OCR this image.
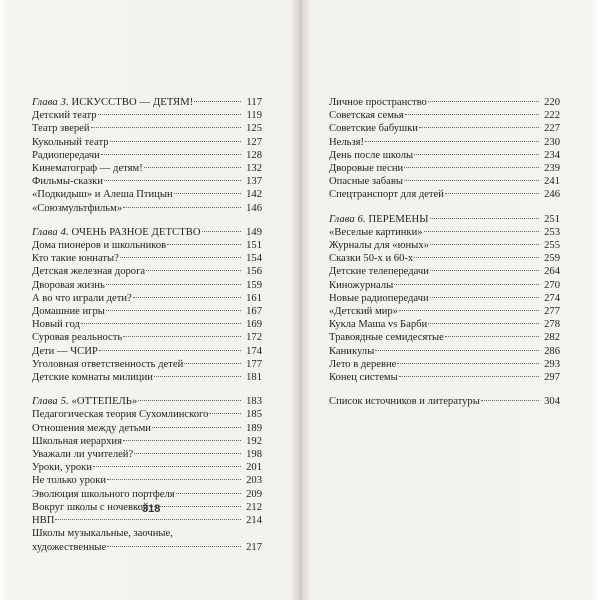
Глава 3. ИСКУССТВО — ДЕТЯМ!	117
Детский театр	119
Театр зверей	125
Кукольный театр	127
Радиопередачи	128
Кинематограф — детям!	132
Фильмы-сказки	137
«Подкидыш» и Алеша Птицын	142
«Союзмультфильм»	146
Глава 4. ОЧЕНЬ РАЗНОЕ ДЕТСТВО	149
Дома пионеров и школьников	151
Кто такие юннаты?	154
Детская железная дорога	156
Дворовая жизнь	159
А во что играли дети?	161
Домашние игры	167
Новый год	169
Суровая реальность	172
Дети — ЧСИР	174
Уголовная ответственность детей	177
Детские комнаты милиции	181
Глава 5. «ОТТЕПЕЛЬ»	183
Педагогическая теория Сухомлинского	185
Отношения между детьми	189
Школьная иерархия	192
Уважали ли учителей?	198
Уроки, уроки	201
Не только уроки	203
Эволюция школьного портфеля	209
Вокруг школы с ночевкой	212
НВП	214
Школы музыкальные, заочные,
художественные	217
318
Личное пространство	220
Советская семья	222
Советские бабушки	227
Нельзя!	230
День после школы	234
Дворовые песни	239
Опасные забавы	241
Спецтранспорт для детей	246
Глава 6. ПЕРЕМЕНЫ	251
«Веселые картинки»	253
Журналы для «юных»	255
Сказки 50-х и 60-х	259
Детские телепередачи	264
Киножурналы	270
Новые радиопередачи	274
«Детский мир»	277
Кукла Маша vs Барби	278
Травоядные семидесятые	282
Каникулы	286
Лето в деревне	293
Конец системы	297
Список источников и литературы	304
